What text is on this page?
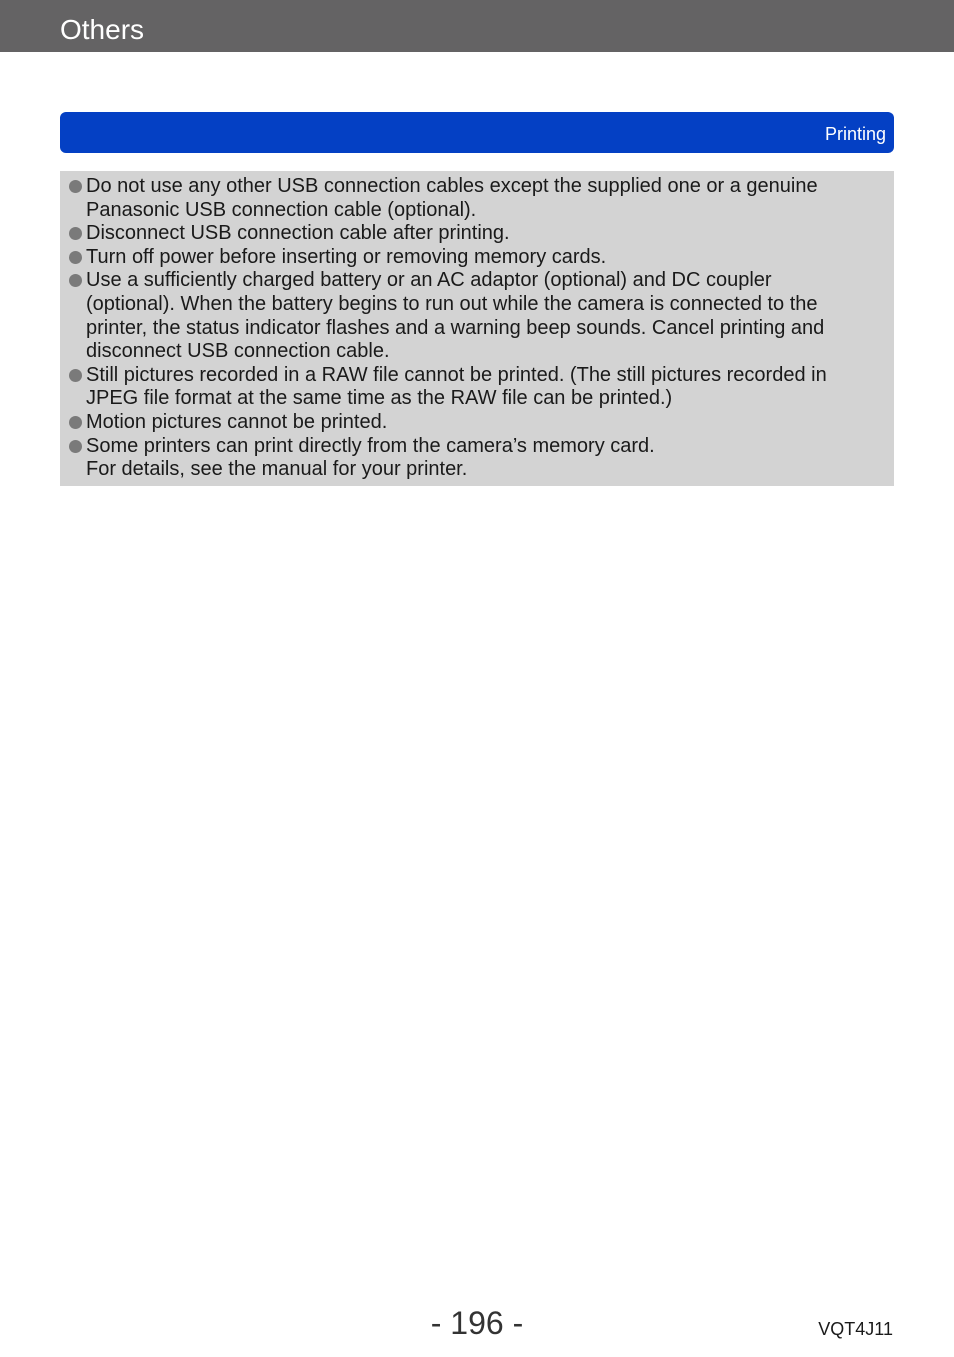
Others
Printing
Do not use any other USB connection cables except the supplied one or a genuine
Panasonic USB connection cable (optional).
Disconnect USB connection cable after printing.
Turn off power before inserting or removing memory cards.
Use a sufficiently charged battery or an AC adaptor (optional) and DC coupler
(optional). When the battery begins to run out while the camera is connected to the
printer, the status indicator flashes and a warning beep sounds. Cancel printing and
disconnect USB connection cable.
Still pictures recorded in a RAW file cannot be printed. (The still pictures recorded in
JPEG file format at the same time as the RAW file can be printed.)
Motion pictures cannot be printed.
Some printers can print directly from the camera’s memory card.
For details, see the manual for your printer.
- 196 -	VQT4J11
